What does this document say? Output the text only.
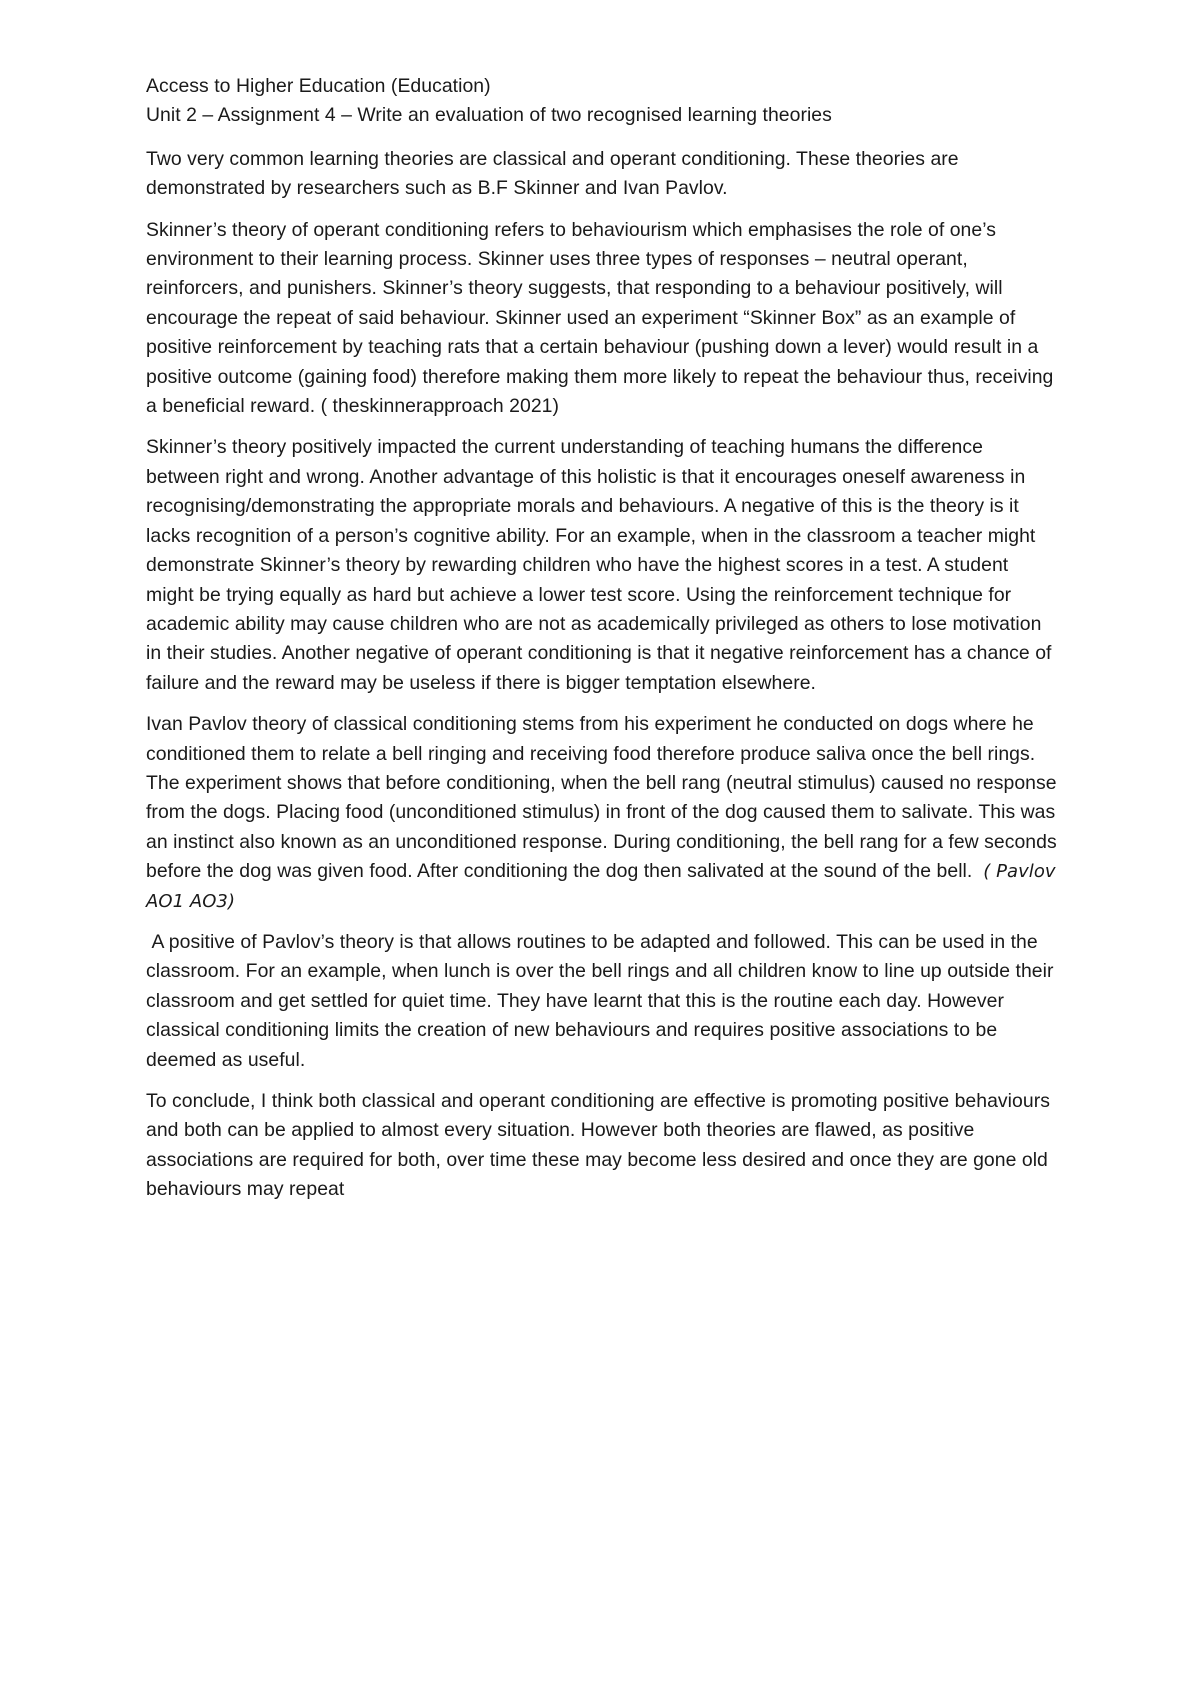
Access to Higher Education (Education)

Unit 2 – Assignment 4 – Write an evaluation of two recognised learning theories

Two very common learning theories are classical and operant conditioning. These theories are demonstrated by researchers such as B.F Skinner and Ivan Pavlov.

Skinner’s theory of operant conditioning refers to behaviourism which emphasises the role of one’s environment to their learning process. Skinner uses three types of responses – neutral operant, reinforcers, and punishers. Skinner’s theory suggests, that responding to a behaviour positively, will encourage the repeat of said behaviour. Skinner used an experiment “Skinner Box” as an example of positive reinforcement by teaching rats that a certain behaviour (pushing down a lever) would result in a positive outcome (gaining food) therefore making them more likely to repeat the behaviour thus, receiving a beneficial reward. ( theskinnerapproach 2021)

Skinner’s theory positively impacted the current understanding of teaching humans the difference between right and wrong. Another advantage of this holistic is that it encourages oneself awareness in recognising/demonstrating the appropriate morals and behaviours. A negative of this is the theory is it lacks recognition of a person’s cognitive ability. For an example, when in the classroom a teacher might demonstrate Skinner’s theory by rewarding children who have the highest scores in a test. A student might be trying equally as hard but achieve a lower test score. Using the reinforcement technique for academic ability may cause children who are not as academically privileged as others to lose motivation in their studies. Another negative of operant conditioning is that it negative reinforcement has a chance of failure and the reward may be useless if there is bigger temptation elsewhere.

Ivan Pavlov theory of classical conditioning stems from his experiment he conducted on dogs where he conditioned them to relate a bell ringing and receiving food therefore produce saliva once the bell rings. The experiment shows that before conditioning, when the bell rang (neutral stimulus) caused no response from the dogs. Placing food (unconditioned stimulus) in front of the dog caused them to salivate. This was an instinct also known as an unconditioned response. During conditioning, the bell rang for a few seconds before the dog was given food. After conditioning the dog then salivated at the sound of the bell. ( Pavlov AO1 AO3)

A positive of Pavlov’s theory is that allows routines to be adapted and followed. This can be used in the classroom. For an example, when lunch is over the bell rings and all children know to line up outside their classroom and get settled for quiet time. They have learnt that this is the routine each day. However classical conditioning limits the creation of new behaviours and requires positive associations to be deemed as useful.

To conclude, I think both classical and operant conditioning are effective is promoting positive behaviours and both can be applied to almost every situation. However both theories are flawed, as positive associations are required for both, over time these may become less desired and once they are gone old behaviours may repeat
